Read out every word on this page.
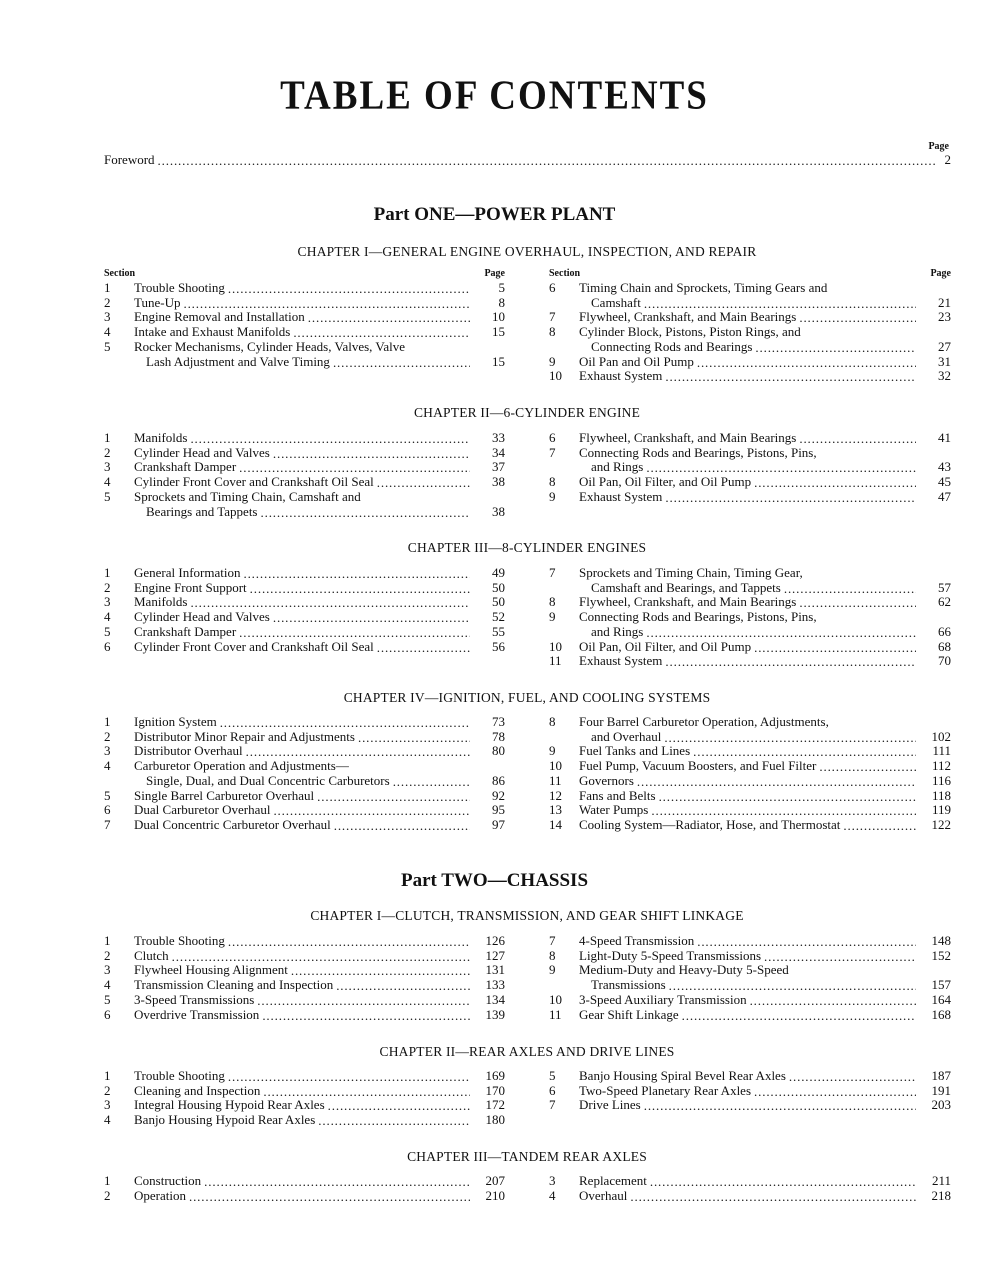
TABLE OF CONTENTS
Page
Foreword . . .	2
Part ONE—POWER PLANT
CHAPTER I—GENERAL ENGINE OVERHAUL, INSPECTION, AND REPAIR
Section	Page
1	Trouble Shooting . . .	5
2	Tune-Up . . .	8
3	Engine Removal and Installation . . .	10
4	Intake and Exhaust Manifolds . . .	15
5	Rocker Mechanisms, Cylinder Heads, Valves, Valve
Lash Adjustment and Valve Timing . . .	15
Section	Page
6	Timing Chain and Sprockets, Timing Gears and
Camshaft . . .	21
7	Flywheel, Crankshaft, and Main Bearings . . .	23
8	Cylinder Block, Pistons, Piston Rings, and
Connecting Rods and Bearings . . .	27
9	Oil Pan and Oil Pump . . .	31
10	Exhaust System . . .	32
CHAPTER II—6-CYLINDER ENGINE
1	Manifolds . . .	33
2	Cylinder Head and Valves . . .	34
3	Crankshaft Damper . . .	37
4	Cylinder Front Cover and Crankshaft Oil Seal . . .	38
5	Sprockets and Timing Chain, Camshaft and
Bearings and Tappets . . .	38
6	Flywheel, Crankshaft, and Main Bearings . . .	41
7	Connecting Rods and Bearings, Pistons, Pins,
and Rings . . .	43
8	Oil Pan, Oil Filter, and Oil Pump . . .	45
9	Exhaust System . . .	47
CHAPTER III—8-CYLINDER ENGINES
1	General Information . . .	49
2	Engine Front Support . . .	50
3	Manifolds . . .	50
4	Cylinder Head and Valves . . .	52
5	Crankshaft Damper . . .	55
6	Cylinder Front Cover and Crankshaft Oil Seal . . .	56
7	Sprockets and Timing Chain, Timing Gear,
Camshaft and Bearings, and Tappets . . .	57
8	Flywheel, Crankshaft, and Main Bearings . . .	62
9	Connecting Rods and Bearings, Pistons, Pins,
and Rings . . .	66
10	Oil Pan, Oil Filter, and Oil Pump . . .	68
11	Exhaust System . . .	70
CHAPTER IV—IGNITION, FUEL, AND COOLING SYSTEMS
1	Ignition System . . .	73
2	Distributor Minor Repair and Adjustments . . .	78
3	Distributor Overhaul . . .	80
4	Carburetor Operation and Adjustments—
Single, Dual, and Dual Concentric Carburetors . . .	86
5	Single Barrel Carburetor Overhaul . . .	92
6	Dual Carburetor Overhaul . . .	95
7	Dual Concentric Carburetor Overhaul . . .	97
8	Four Barrel Carburetor Operation, Adjustments,
and Overhaul . . .	102
9	Fuel Tanks and Lines . . .	111
10	Fuel Pump, Vacuum Boosters, and Fuel Filter . . .	112
11	Governors . . .	116
12	Fans and Belts . . .	118
13	Water Pumps . . .	119
14	Cooling System—Radiator, Hose, and Thermostat . . .	122
Part TWO—CHASSIS
CHAPTER I—CLUTCH, TRANSMISSION, AND GEAR SHIFT LINKAGE
1	Trouble Shooting . . .	126
2	Clutch . . .	127
3	Flywheel Housing Alignment . . .	131
4	Transmission Cleaning and Inspection . . .	133
5	3-Speed Transmissions . . .	134
6	Overdrive Transmission . . .	139
7	4-Speed Transmission . . .	148
8	Light-Duty 5-Speed Transmissions . . .	152
9	Medium-Duty and Heavy-Duty 5-Speed
Transmissions . . .	157
10	3-Speed Auxiliary Transmission . . .	164
11	Gear Shift Linkage . . .	168
CHAPTER II—REAR AXLES AND DRIVE LINES
1	Trouble Shooting . . .	169
2	Cleaning and Inspection . . .	170
3	Integral Housing Hypoid Rear Axles . . .	172
4	Banjo Housing Hypoid Rear Axles . . .	180
5	Banjo Housing Spiral Bevel Rear Axles . . .	187
6	Two-Speed Planetary Rear Axles . . .	191
7	Drive Lines . . .	203
CHAPTER III—TANDEM REAR AXLES
1	Construction . . .	207
2	Operation . . .	210
3	Replacement . . .	211
4	Overhaul . . .	218
